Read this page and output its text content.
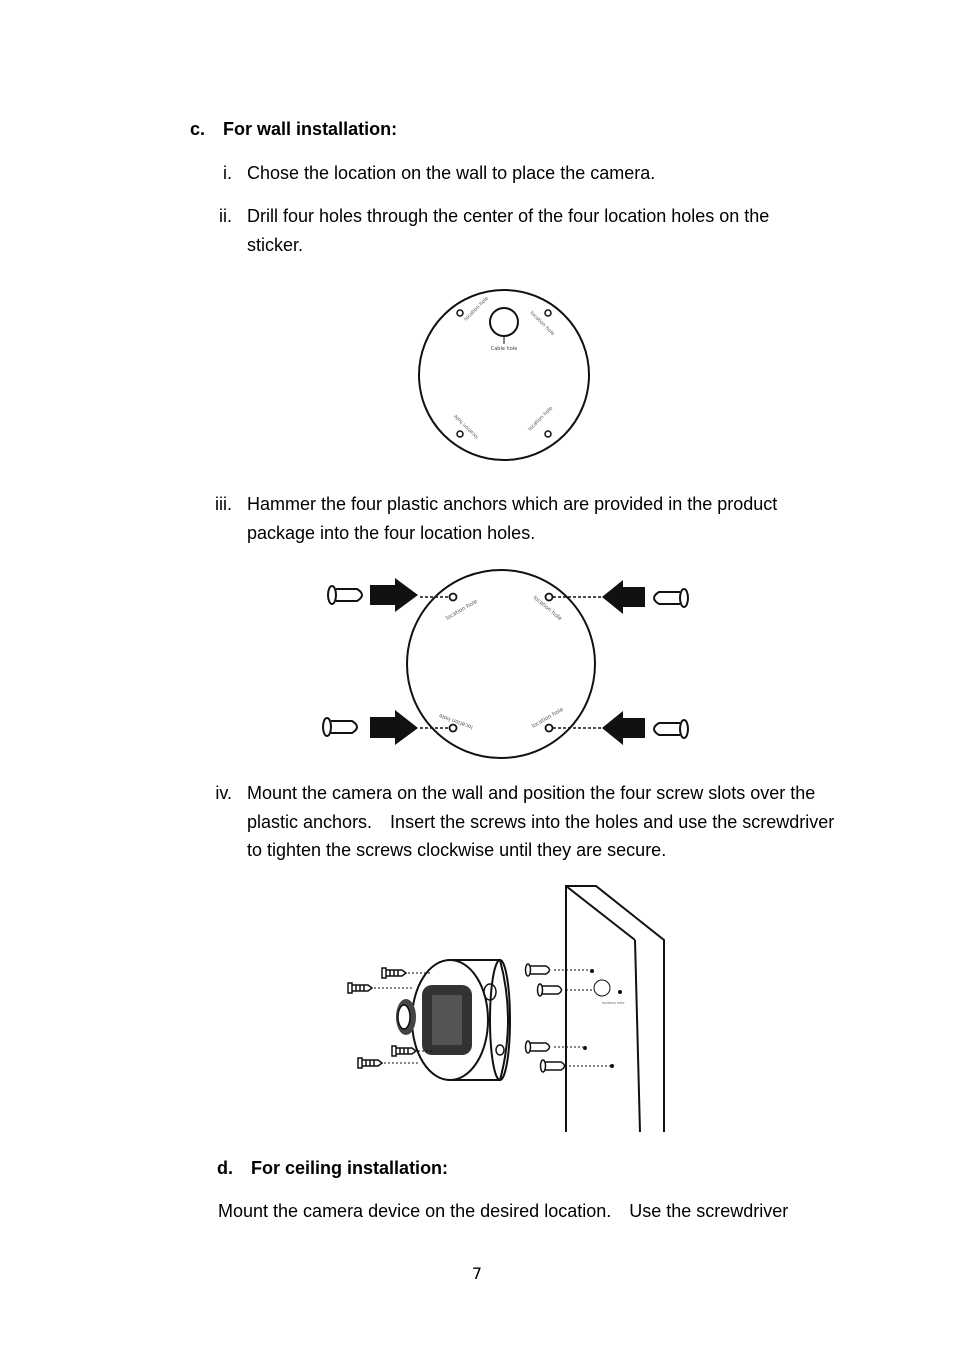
c. For wall installation:
i. Chose the location on the wall to place the camera.
ii. Drill four holes through the center of the four location holes on the sticker.
Cable hole
location hole
location hole
location hole	location hole
iii. Hammer the four plastic anchors which are provided in the product package into the four location holes.
location hole	location hole
location hole	location hole
iv. Mount the camera on the wall and position the four screw slots over the plastic anchors.　Insert the screws into the holes and use the screwdriver to tighten the screws clockwise until they are secure.
location hole
d. For ceiling installation:
Mount the camera device on the desired location.　Use the screwdriver
7
